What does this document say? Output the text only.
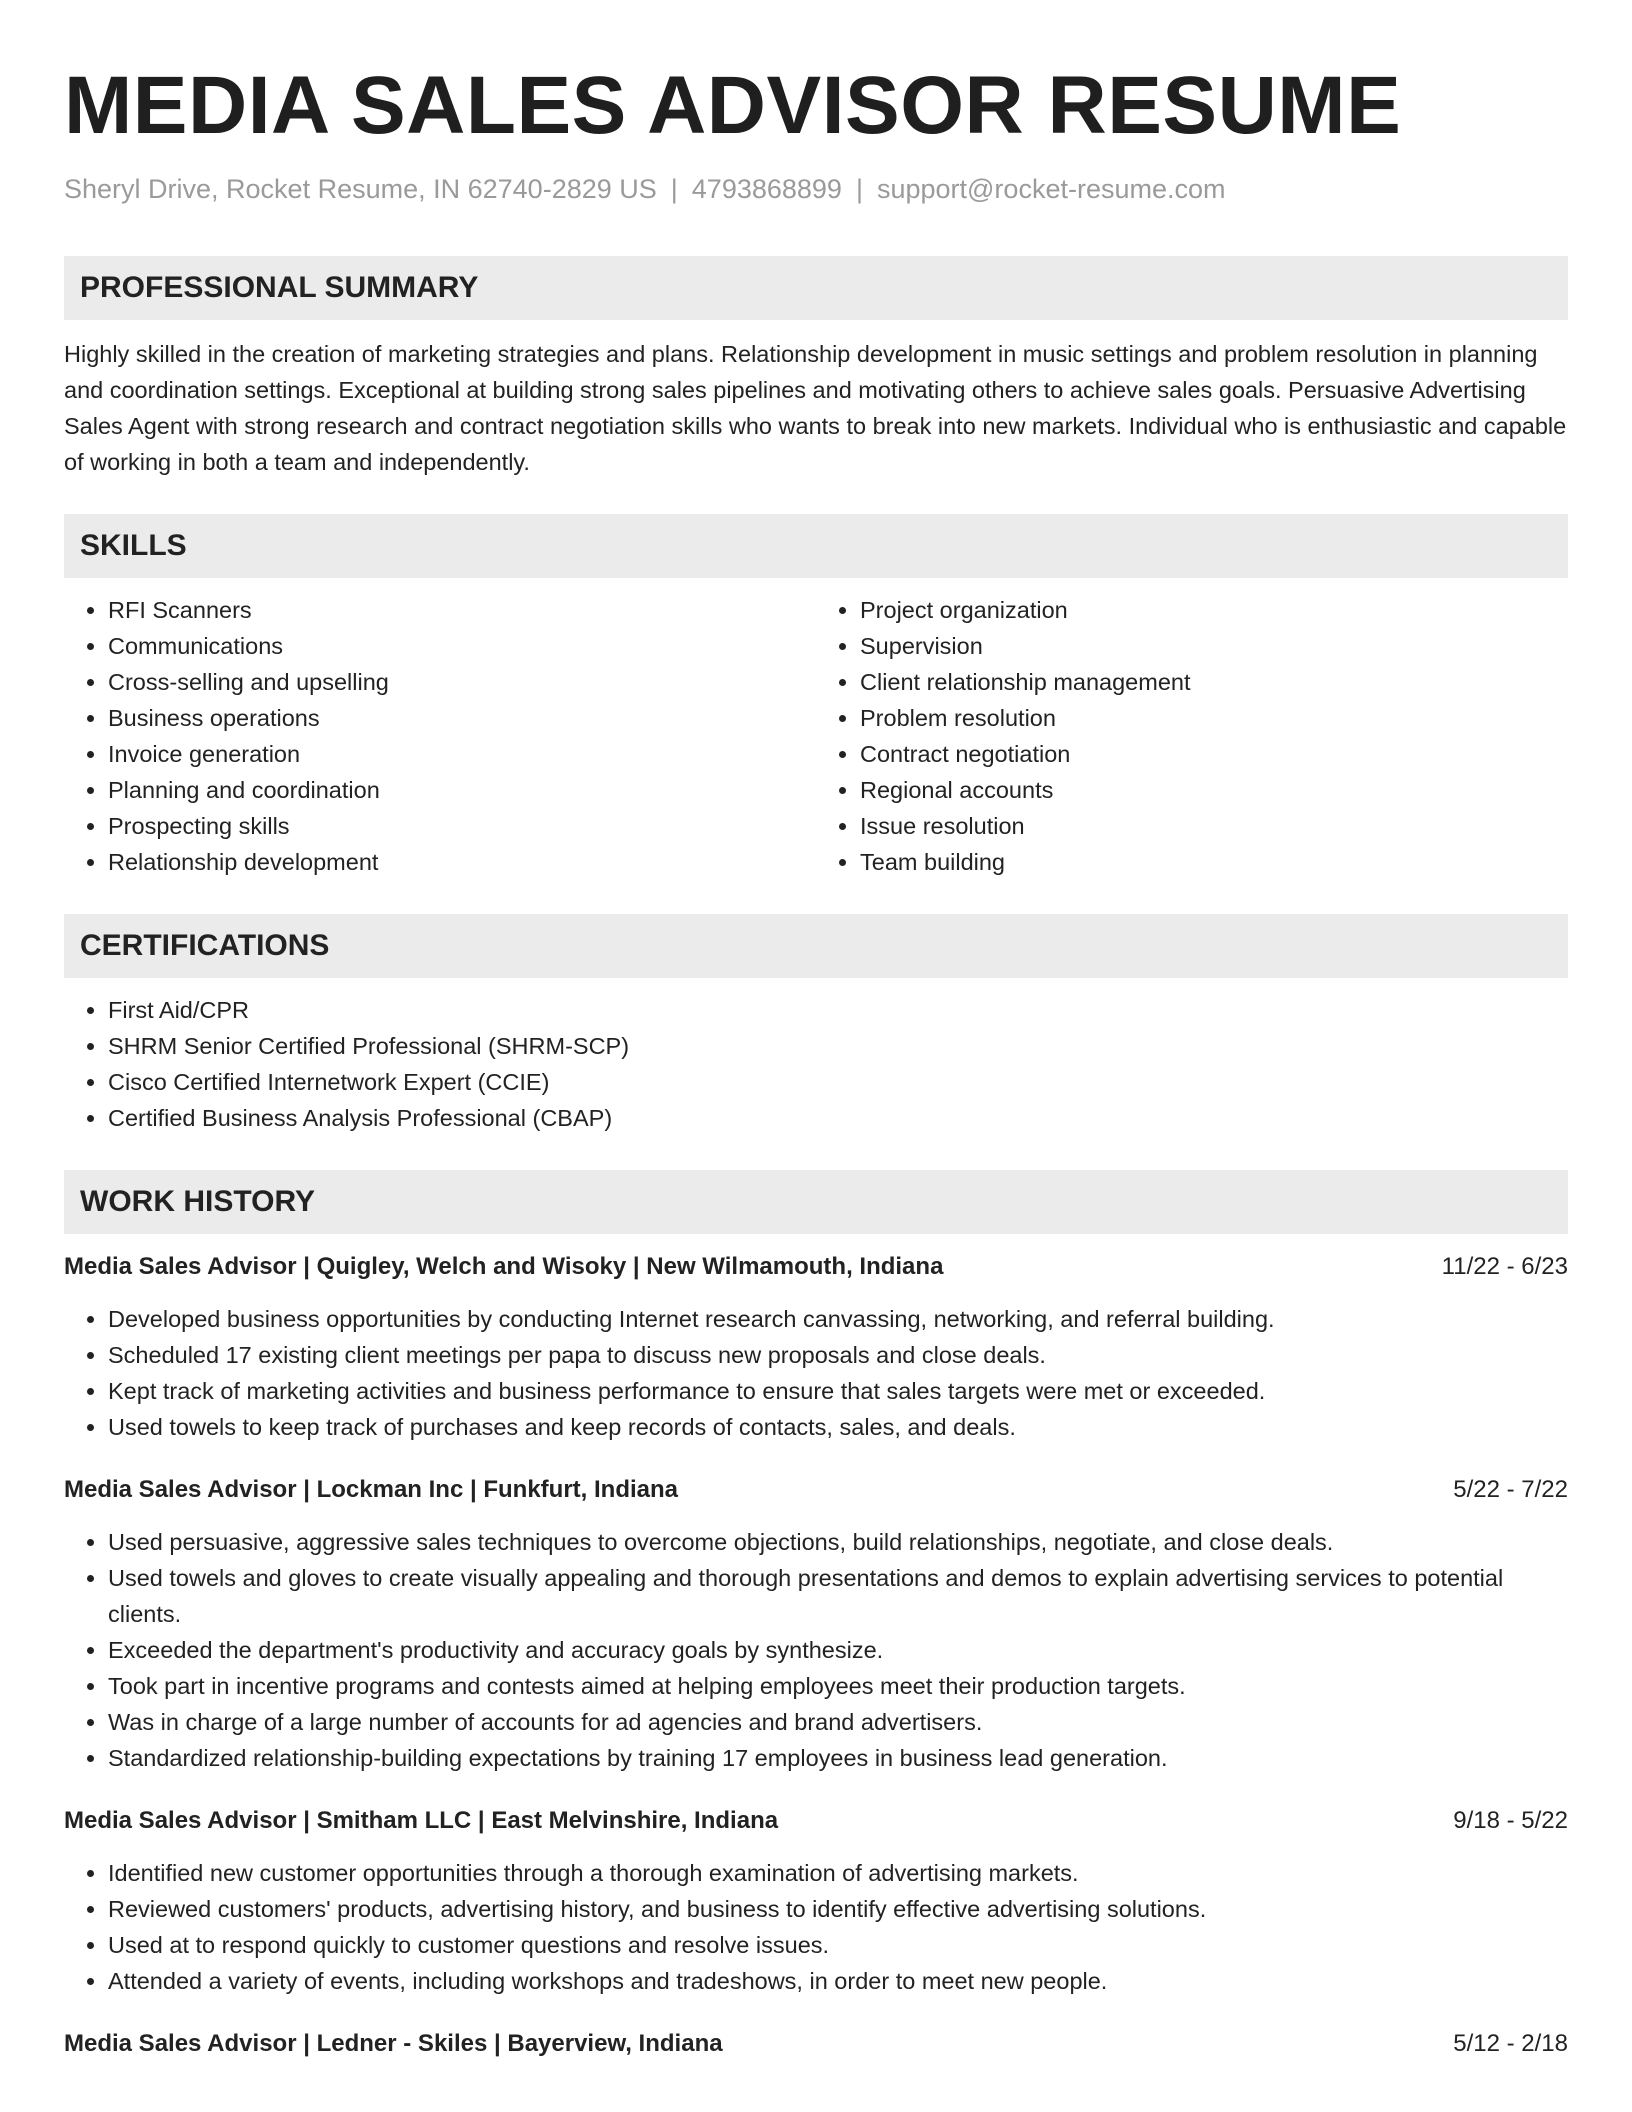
MEDIA SALES ADVISOR RESUME
Sheryl Drive, Rocket Resume, IN 62740-2829 US | 4793868899 | support@rocket-resume.com
PROFESSIONAL SUMMARY

Highly skilled in the creation of marketing strategies and plans. Relationship development in music settings and problem resolution in planning and coordination settings. Exceptional at building strong sales pipelines and motivating others to achieve sales goals. Persuasive Advertising Sales Agent with strong research and contract negotiation skills who wants to break into new markets. Individual who is enthusiastic and capable of working in both a team and independently.

SKILLS
• RFI Scanners
• Communications
• Cross-selling and upselling
• Business operations
• Invoice generation
• Planning and coordination
• Prospecting skills
• Relationship development
• Project organization
• Supervision
• Client relationship management
• Problem resolution
• Contract negotiation
• Regional accounts
• Issue resolution
• Team building
CERTIFICATIONS
• First Aid/CPR
• SHRM Senior Certified Professional (SHRM-SCP)
• Cisco Certified Internetwork Expert (CCIE)
• Certified Business Analysis Professional (CBAP)
WORK HISTORY
Media Sales Advisor | Quigley, Welch and Wisoky | New Wilmamouth, Indiana	11/22 - 6/23
• Developed business opportunities by conducting Internet research canvassing, networking, and referral building.
• Scheduled 17 existing client meetings per papa to discuss new proposals and close deals.
• Kept track of marketing activities and business performance to ensure that sales targets were met or exceeded.
• Used towels to keep track of purchases and keep records of contacts, sales, and deals.
Media Sales Advisor | Lockman Inc | Funkfurt, Indiana	5/22 - 7/22
• Used persuasive, aggressive sales techniques to overcome objections, build relationships, negotiate, and close deals.
• Used towels and gloves to create visually appealing and thorough presentations and demos to explain advertising services to potential clients.
• Exceeded the department's productivity and accuracy goals by synthesize.
• Took part in incentive programs and contests aimed at helping employees meet their production targets.
• Was in charge of a large number of accounts for ad agencies and brand advertisers.
• Standardized relationship-building expectations by training 17 employees in business lead generation.
Media Sales Advisor | Smitham LLC | East Melvinshire, Indiana	9/18 - 5/22
• Identified new customer opportunities through a thorough examination of advertising markets.
• Reviewed customers' products, advertising history, and business to identify effective advertising solutions.
• Used at to respond quickly to customer questions and resolve issues.
• Attended a variety of events, including workshops and tradeshows, in order to meet new people.
Media Sales Advisor | Ledner - Skiles | Bayerview, Indiana	5/12 - 2/18
